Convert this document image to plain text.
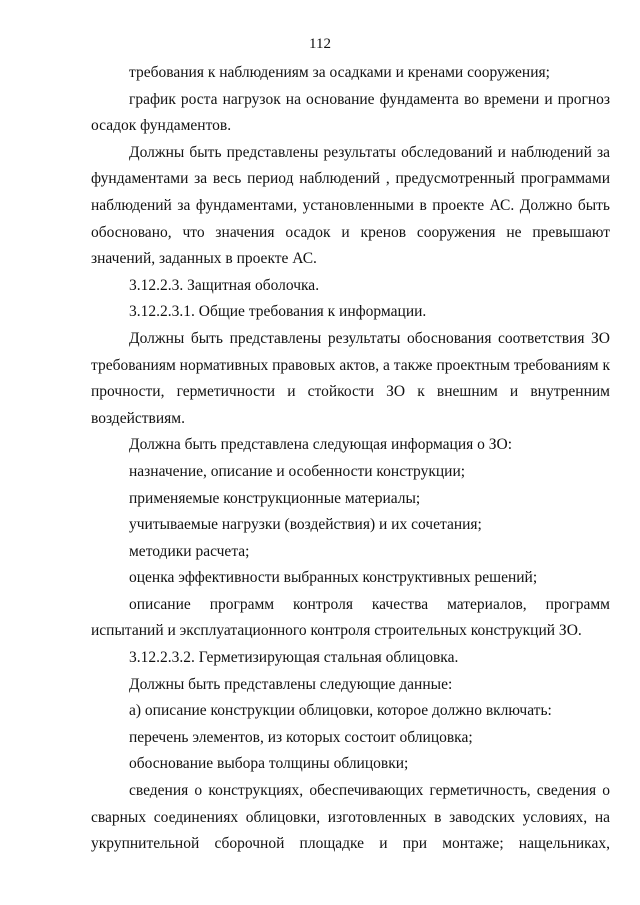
112

требования к наблюдениям за осадками и кренами сооружения;

график роста нагрузок на основание фундамента во времени и прогноз осадок фундаментов.

Должны быть представлены результаты обследований и наблюдений за фундаментами за весь период наблюдений , предусмотренный программами наблюдений за фундаментами, установленными в проекте АС. Должно быть обосновано, что значения осадок и кренов сооружения не превышают значений, заданных в проекте АС.

3.12.2.3. Защитная оболочка.

3.12.2.3.1. Общие требования к информации.

Должны быть представлены результаты обоснования соответствия ЗО требованиям нормативных правовых актов, а также проектным требованиям к прочности, герметичности и стойкости ЗО к внешним и внутренним воздействиям.

Должна быть представлена следующая информация о ЗО:

назначение, описание и особенности конструкции;

применяемые конструкционные материалы;

учитываемые нагрузки (воздействия) и их сочетания;

методики расчета;

оценка эффективности выбранных конструктивных решений;

описание программ контроля качества материалов, программ испытаний и эксплуатационного контроля строительных конструкций ЗО.

3.12.2.3.2. Герметизирующая стальная облицовка.

Должны быть представлены следующие данные:

а) описание конструкции облицовки, которое должно включать:

перечень элементов, из которых состоит облицовка;

обоснование выбора толщины облицовки;

сведения о конструкциях, обеспечивающих герметичность, сведения о сварных соединениях облицовки, изготовленных в заводских условиях, на укрупнительной сборочной площадке и при монтаже; нащельниках,
